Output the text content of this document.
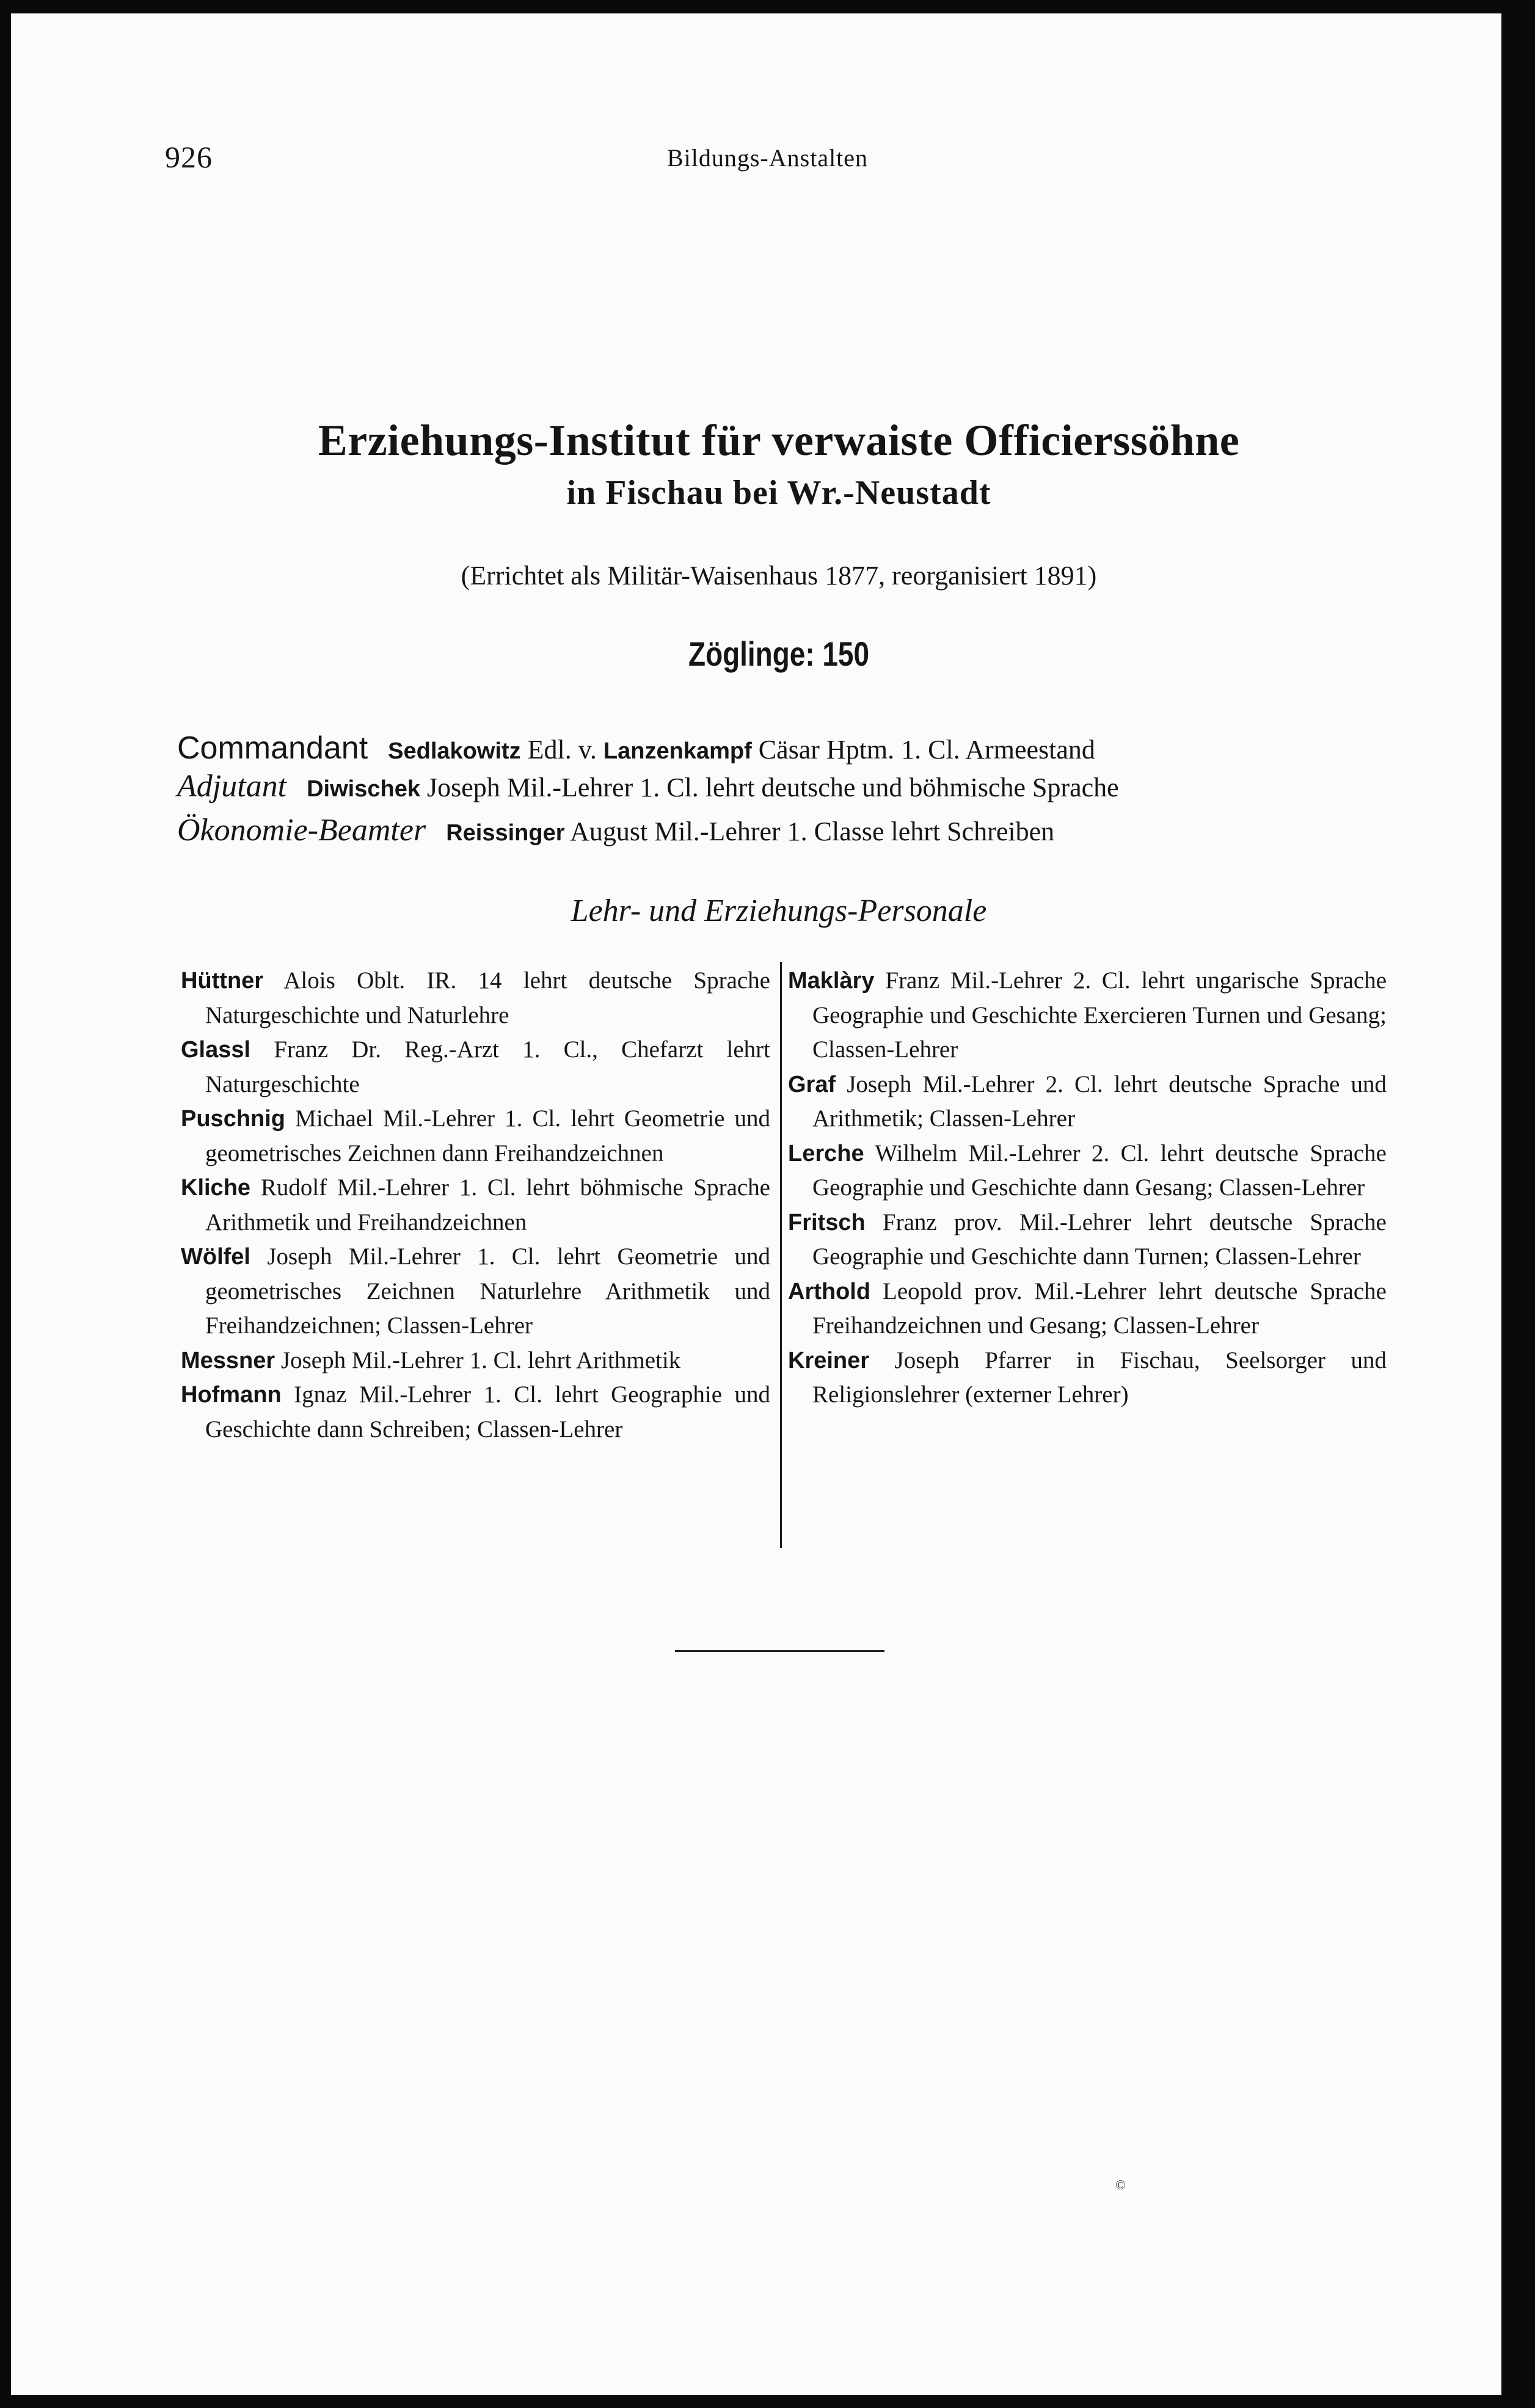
926	Bildungs-Anstalten
Erziehungs-Institut für verwaiste Officierssöhne
in Fischau bei Wr.-Neustadt
(Errichtet als Militär-Waisenhaus 1877, reorganisiert 1891)
Zöglinge: 150
Commandant Sedlakowitz Edl. v. Lanzenkampf Cäsar Hptm. 1. Cl. Armeestand
Adjutant Diwischek Joseph Mil.-Lehrer 1. Cl. lehrt deutsche und böhmische Sprache
Ökonomie-Beamter Reissinger August Mil.-Lehrer 1. Classe lehrt Schreiben
Lehr- und Erziehungs-Personale
Hüttner Alois Oblt. IR. 14 lehrt deutsche Sprache Naturgeschichte und Naturlehre
Glassl Franz Dr. Reg.-Arzt 1. Cl., Chefarzt lehrt Naturgeschichte
Puschnig Michael Mil.-Lehrer 1. Cl. lehrt Geometrie und geometrisches Zeichnen dann Freihandzeichnen
Kliche Rudolf Mil.-Lehrer 1. Cl. lehrt böhmische Sprache Arithmetik und Freihandzeichnen
Wölfel Joseph Mil.-Lehrer 1. Cl. lehrt Geometrie und geometrisches Zeichnen Naturlehre Arithmetik und Freihandzeichnen; Classen-Lehrer
Messner Joseph Mil.-Lehrer 1. Cl. lehrt Arithmetik
Hofmann Ignaz Mil.-Lehrer 1. Cl. lehrt Geographie und Geschichte dann Schreiben; Classen-Lehrer
Maklàry Franz Mil.-Lehrer 2. Cl. lehrt ungarische Sprache Geographie und Geschichte Exercieren Turnen und Gesang; Classen-Lehrer
Graf Joseph Mil.-Lehrer 2. Cl. lehrt deutsche Sprache und Arithmetik; Classen-Lehrer
Lerche Wilhelm Mil.-Lehrer 2. Cl. lehrt deutsche Sprache Geographie und Geschichte dann Gesang; Classen-Lehrer
Fritsch Franz prov. Mil.-Lehrer lehrt deutsche Sprache Geographie und Geschichte dann Turnen; Classen-Lehrer
Arthold Leopold prov. Mil.-Lehrer lehrt deutsche Sprache Freihandzeichnen und Gesang; Classen-Lehrer
Kreiner Joseph Pfarrer in Fischau, Seelsorger und Religionslehrer (externer Lehrer)
©
